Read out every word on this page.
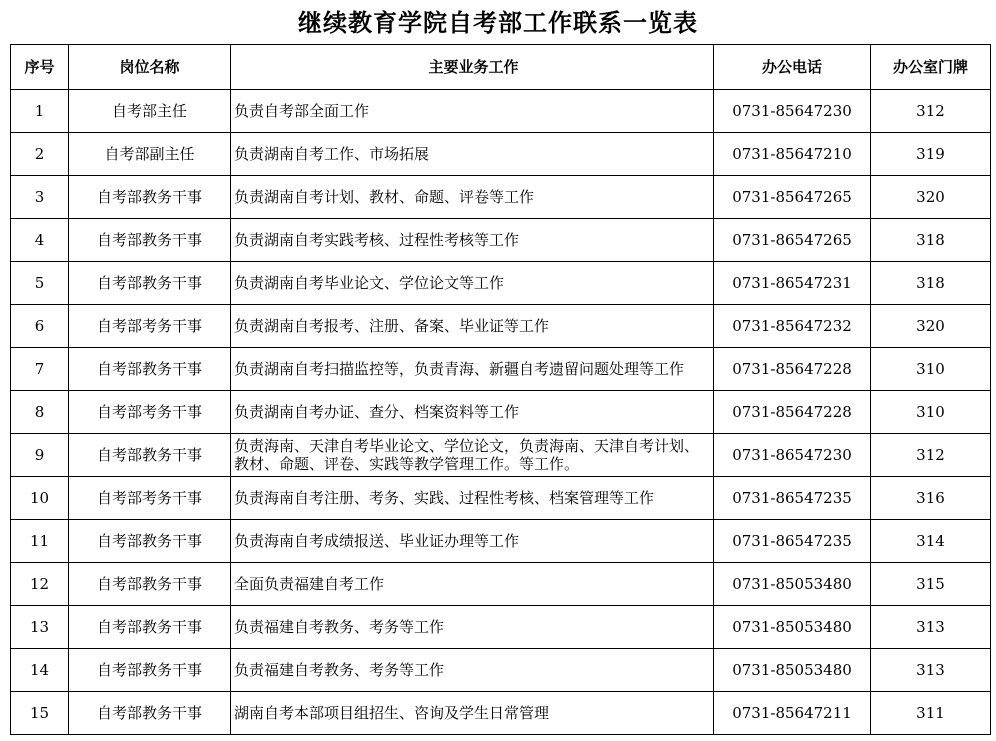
继续教育学院自考部工作联系一览表
序号	岗位名称	主要业务工作	办公电话	办公室门牌
1	自考部主任	负责自考部全面工作	0731-85647230	312
2	自考部副主任	负责湖南自考工作、市场拓展	0731-85647210	319
3	自考部教务干事	负责湖南自考计划、教材、命题、评卷等工作	0731-85647265	320
4	自考部教务干事	负责湖南自考实践考核、过程性考核等工作	0731-86547265	318
5	自考部教务干事	负责湖南自考毕业论文、学位论文等工作	0731-86547231	318
6	自考部考务干事	负责湖南自考报考、注册、备案、毕业证等工作	0731-85647232	320
7	自考部教务干事	负责湖南自考扫描监控等，负责青海、新疆自考遗留问题处理等工作	0731-85647228	310
8	自考部考务干事	负责湖南自考办证、查分、档案资料等工作	0731-85647228	310
9	自考部教务干事	负责海南、天津自考毕业论文、学位论文，负责海南、天津自考计划、教材、命题、评卷、实践等教学管理工作。等工作。	0731-86547230	312
10	自考部考务干事	负责海南自考注册、考务、实践、过程性考核、档案管理等工作	0731-86547235	316
11	自考部教务干事	负责海南自考成绩报送、毕业证办理等工作	0731-86547235	314
12	自考部教务干事	全面负责福建自考工作	0731-85053480	315
13	自考部教务干事	负责福建自考教务、考务等工作	0731-85053480	313
14	自考部教务干事	负责福建自考教务、考务等工作	0731-85053480	313
15	自考部教务干事	湖南自考本部项目组招生、咨询及学生日常管理	0731-85647211	311
